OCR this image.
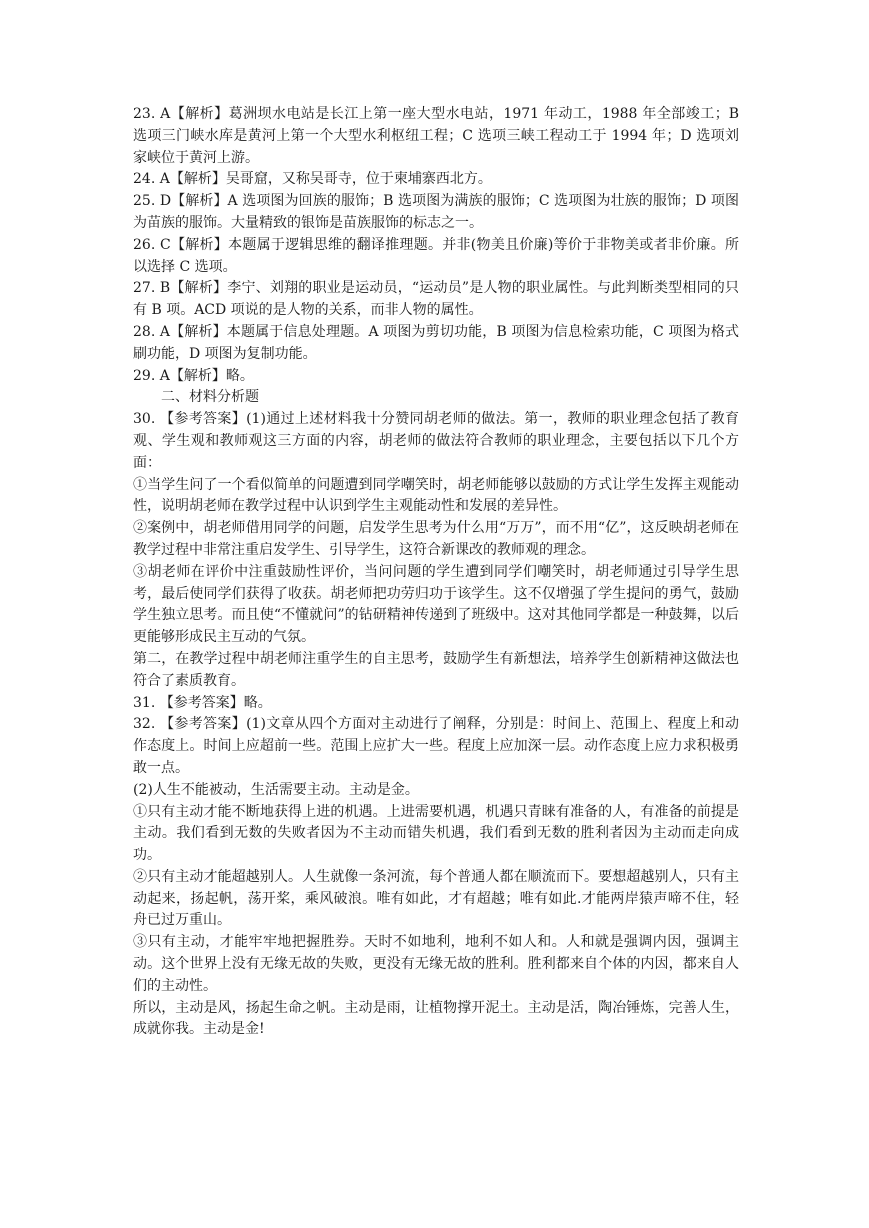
23. A【解析】葛洲坝水电站是长江上第一座大型水电站，1971 年动工，1988 年全部竣工；B 选项三门峡水库是黄河上第一个大型水利枢纽工程；C 选项三峡工程动工于 1994 年；D 选项刘家峡位于黄河上游。

24. A【解析】吴哥窟，又称吴哥寺，位于柬埔寨西北方。

25. D【解析】A 选项图为回族的服饰；B 选项图为满族的服饰；C 选项图为壮族的服饰；D 项图为苗族的服饰。大量精致的银饰是苗族服饰的标志之一。

26. C【解析】本题属于逻辑思维的翻译推理题。并非(物美且价廉)等价于非物美或者非价廉。所以选择 C 选项。

27. B【解析】李宁、刘翔的职业是运动员，“运动员”是人物的职业属性。与此判断类型相同的只有 B 项。ACD 项说的是人物的关系，而非人物的属性。

28. A【解析】本题属于信息处理题。A 项图为剪切功能，B 项图为信息检索功能，C 项图为格式刷功能，D 项图为复制功能。

29. A【解析】略。

二、材料分析题

30. 【参考答案】(1)通过上述材料我十分赞同胡老师的做法。第一，教师的职业理念包括了教育观、学生观和教师观这三方面的内容，胡老师的做法符合教师的职业理念，主要包括以下几个方面：

①当学生问了一个看似简单的问题遭到同学嘲笑时，胡老师能够以鼓励的方式让学生发挥主观能动性，说明胡老师在教学过程中认识到学生主观能动性和发展的差异性。

②案例中，胡老师借用同学的问题，启发学生思考为什么用“万万”，而不用“亿”，这反映胡老师在教学过程中非常注重启发学生、引导学生，这符合新课改的教师观的理念。

③胡老师在评价中注重鼓励性评价，当问问题的学生遭到同学们嘲笑时，胡老师通过引导学生思考，最后使同学们获得了收获。胡老师把功劳归功于该学生。这不仅增强了学生提问的勇气，鼓励学生独立思考。而且使“不懂就问”的钻研精神传递到了班级中。这对其他同学都是一种鼓舞，以后更能够形成民主互动的气氛。

第二，在教学过程中胡老师注重学生的自主思考，鼓励学生有新想法，培养学生创新精神这做法也符合了素质教育。

31. 【参考答案】略。

32. 【参考答案】(1)文章从四个方面对主动进行了阐释，分别是：时间上、范围上、程度上和动作态度上。时间上应超前一些。范围上应扩大一些。程度上应加深一层。动作态度上应力求积极勇敢一点。

(2)人生不能被动，生活需要主动。主动是金。

①只有主动才能不断地获得上进的机遇。上进需要机遇，机遇只青睐有准备的人，有准备的前提是主动。我们看到无数的失败者因为不主动而错失机遇，我们看到无数的胜利者因为主动而走向成功。

②只有主动才能超越别人。人生就像一条河流，每个普通人都在顺流而下。要想超越别人，只有主动起来，扬起帆，荡开桨，乘风破浪。唯有如此，才有超越；唯有如此.才能两岸猿声啼不住，轻舟已过万重山。

③只有主动，才能牢牢地把握胜券。天时不如地利，地利不如人和。人和就是强调内因，强调主动。这个世界上没有无缘无故的失败，更没有无缘无故的胜利。胜利都来自个体的内因，都来自人们的主动性。

所以，主动是风，扬起生命之帆。主动是雨，让植物撑开泥土。主动是活，陶冶锤炼，完善人生，成就你我。主动是金!
